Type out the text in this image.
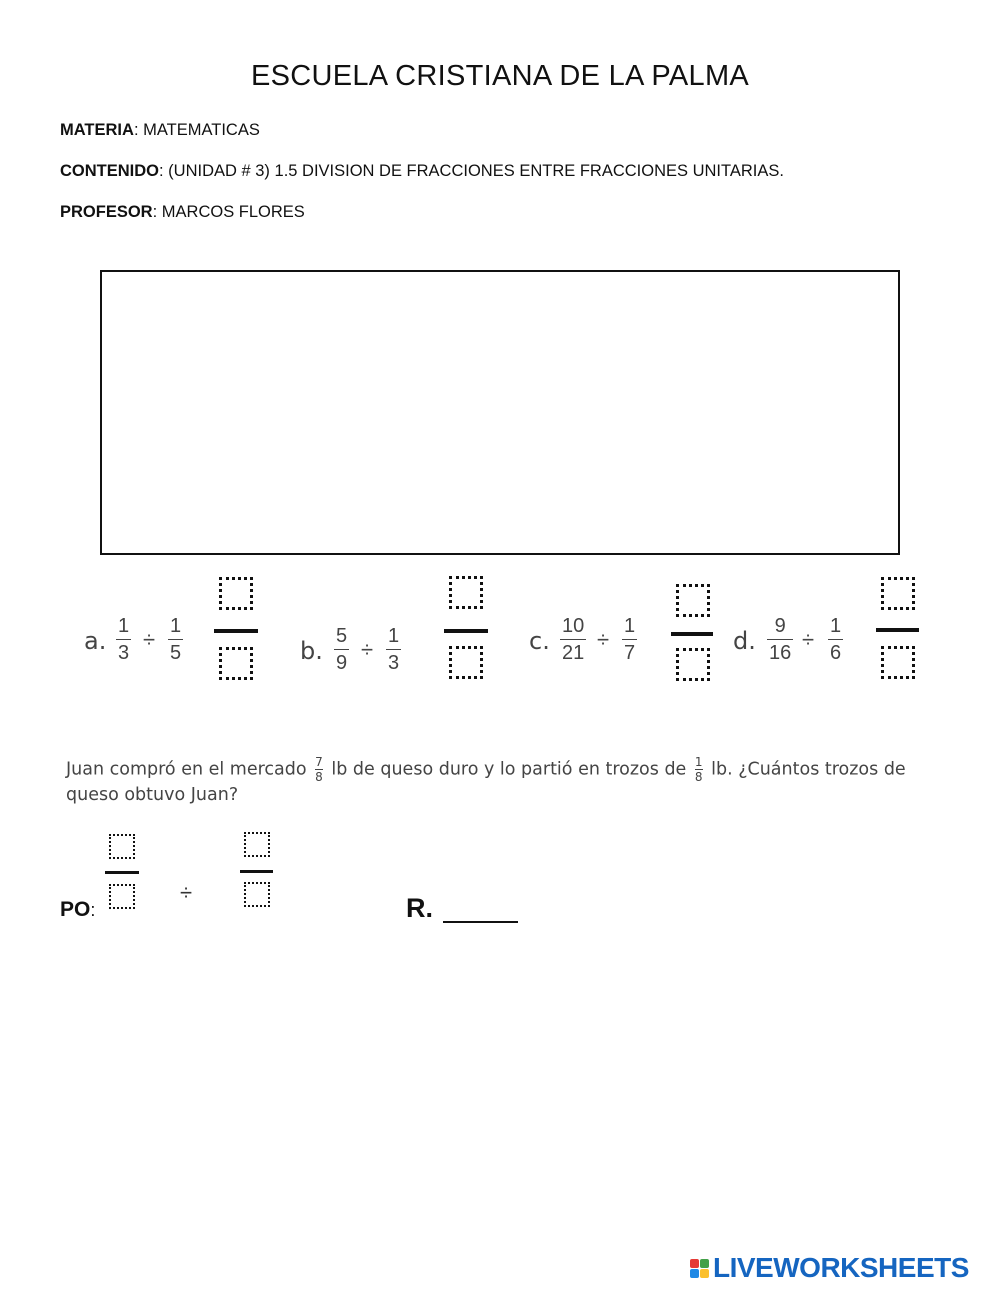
ESCUELA CRISTIANA DE LA PALMA
MATERIA: MATEMATICAS
CONTENIDO: (UNIDAD # 3) 1.5 DIVISION DE FRACCIONES ENTRE FRACCIONES UNITARIAS.
PROFESOR: MARCOS FLORES
a.
1
3
÷
1
5	b.
5
9
÷
1
3
c.
10
21
÷
1
7	d.
9
16
÷
1
6
Juan compró en el mercado $\frac{7}{8}$ lb de queso duro y lo partió en trozos de $\frac{1}{8}$ lb. ¿Cuántos trozos de queso obtuvo Juan?
PO:
÷
R.
LIVEWORKSHEETS
